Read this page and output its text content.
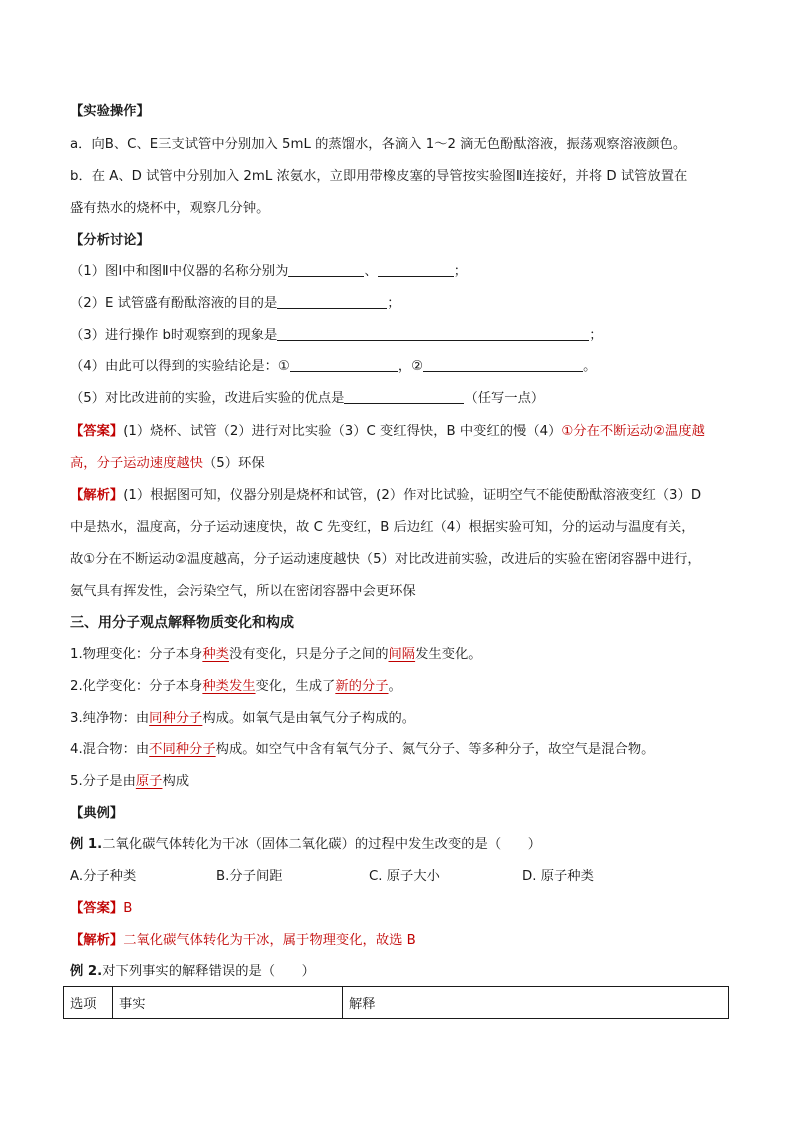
【实验操作】
a．向B、C、E三支试管中分别加入 5mL 的蒸馏水，各滴入 1～2 滴无色酚酞溶液，振荡观察溶液颜色。
b．在 A、D 试管中分别加入 2mL 浓氨水，立即用带橡皮塞的导管按实验图Ⅱ连接好，并将 D 试管放置在
盛有热水的烧杯中，观察几分钟。
【分析讨论】
（1）图Ⅰ中和图Ⅱ中仪器的名称分别为	、	；
（2）E 试管盛有酚酞溶液的目的是	；
（3）进行操作 b时观察到的现象是	；
（4）由此可以得到的实验结论是：①	，②	。
（5）对比改进前的实验，改进后实验的优点是	（任写一点）
【答案】(1）烧杯、试管（2）进行对比实验（3）C 变红得快，B 中变红的慢（4）①分在不断运动②温度越
高，分子运动速度越快（5）环保
【解析】(1）根据图可知，仪器分别是烧杯和试管，(2）作对比试验，证明空气不能使酚酞溶液变红（3）D
中是热水，温度高，分子运动速度快，故 C 先变红，B 后边红（4）根据实验可知，分的运动与温度有关，
故①分在不断运动②温度越高，分子运动速度越快（5）对比改进前实验，改进后的实验在密闭容器中进行，
氨气具有挥发性，会污染空气，所以在密闭容器中会更环保
三、用分子观点解释物质变化和构成
1.物理变化：分子本身种类没有变化，只是分子之间的间隔发生变化。
2.化学变化：分子本身种类发生变化，生成了新的分子。
3.纯净物：由同种分子构成。如氧气是由氧气分子构成的。
4.混合物：由不同种分子构成。如空气中含有氧气分子、氮气分子、等多种分子，故空气是混合物。
5.分子是由原子构成
【典例】
例 1.二氧化碳气体转化为干冰（固体二氧化碳）的过程中发生改变的是（　　）
A.分子种类	B.分子间距	C. 原子大小	D. 原子种类
【答案】B
【解析】二氧化碳气体转化为干冰，属于物理变化，故选 B
例 2.对下列事实的解释错误的是（　　）
选项	事实	解释
